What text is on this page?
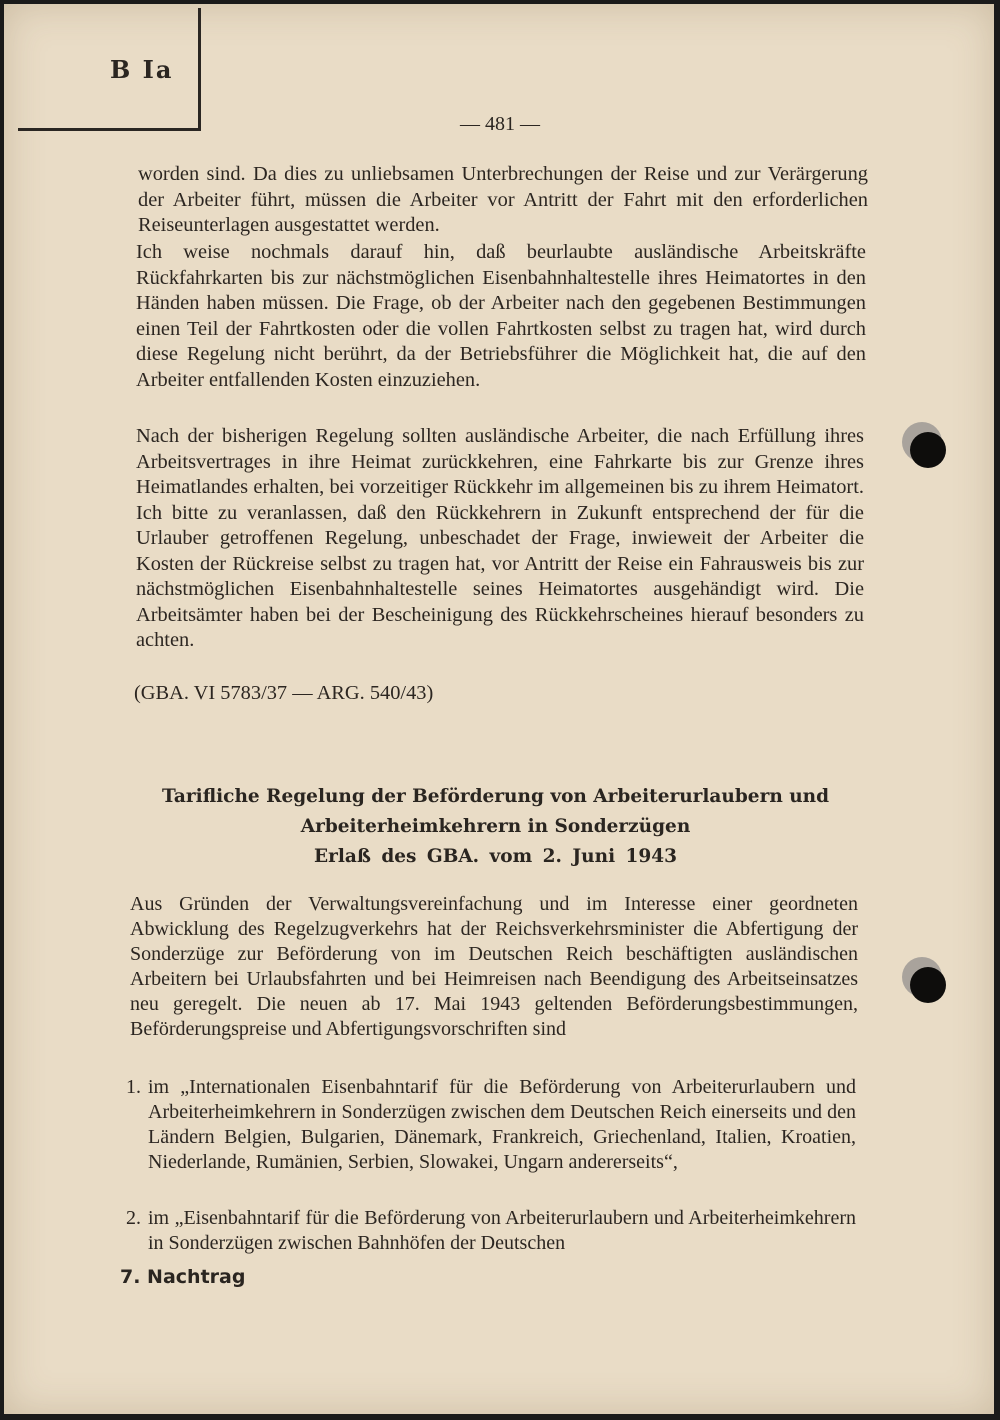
B Ia
— 481 —

worden sind. Da dies zu unliebsamen Unterbrechungen der Reise und zur Verärgerung der Arbeiter führt, müssen die Arbeiter vor Antritt der Fahrt mit den erforderlichen Reiseunterlagen ausgestattet werden.

Ich weise nochmals darauf hin, daß beurlaubte ausländische Arbeitskräfte Rückfahrkarten bis zur nächstmöglichen Eisenbahnhaltestelle ihres Heimatortes in den Händen haben müssen. Die Frage, ob der Arbeiter nach den gegebenen Bestimmungen einen Teil der Fahrtkosten oder die vollen Fahrtkosten selbst zu tragen hat, wird durch diese Regelung nicht berührt, da der Betriebsführer die Möglichkeit hat, die auf den Arbeiter entfallenden Kosten einzuziehen.

Nach der bisherigen Regelung sollten ausländische Arbeiter, die nach Erfüllung ihres Arbeitsvertrages in ihre Heimat zurückkehren, eine Fahrkarte bis zur Grenze ihres Heimatlandes erhalten, bei vorzeitiger Rückkehr im allgemeinen bis zu ihrem Heimatort. Ich bitte zu veranlassen, daß den Rückkehrern in Zukunft entsprechend der für die Urlauber getroffenen Regelung, unbeschadet der Frage, inwieweit der Arbeiter die Kosten der Rückreise selbst zu tragen hat, vor Antritt der Reise ein Fahrausweis bis zur nächstmöglichen Eisenbahnhaltestelle seines Heimatortes ausgehändigt wird. Die Arbeitsämter haben bei der Bescheinigung des Rückkehrscheines hierauf besonders zu achten.

(GBA. VI 5783/37 — ARG. 540/43)

Tarifliche Regelung der Beförderung von Arbeiterurlaubern und Arbeiterheimkehrern in Sonderzügen
Erlaß des GBA. vom 2. Juni 1943

Aus Gründen der Verwaltungsvereinfachung und im Interesse einer geordneten Abwicklung des Regelzugverkehrs hat der Reichsverkehrsminister die Abfertigung der Sonderzüge zur Beförderung von im Deutschen Reich beschäftigten ausländischen Arbeitern bei Urlaubsfahrten und bei Heimreisen nach Beendigung des Arbeitseinsatzes neu geregelt. Die neuen ab 17. Mai 1943 geltenden Beförderungsbestimmungen, Beförderungspreise und Abfertigungsvorschriften sind

1. im „Internationalen Eisenbahntarif für die Beförderung von Arbeiterurlaubern und Arbeiterheimkehrern in Sonderzügen zwischen dem Deutschen Reich einerseits und den Ländern Belgien, Bulgarien, Dänemark, Frankreich, Griechenland, Italien, Kroatien, Niederlande, Rumänien, Serbien, Slowakei, Ungarn andererseits“,

2. im „Eisenbahntarif für die Beförderung von Arbeiterurlaubern und Arbeiterheimkehrern in Sonderzügen zwischen Bahnhöfen der Deutschen

7. Nachtrag
